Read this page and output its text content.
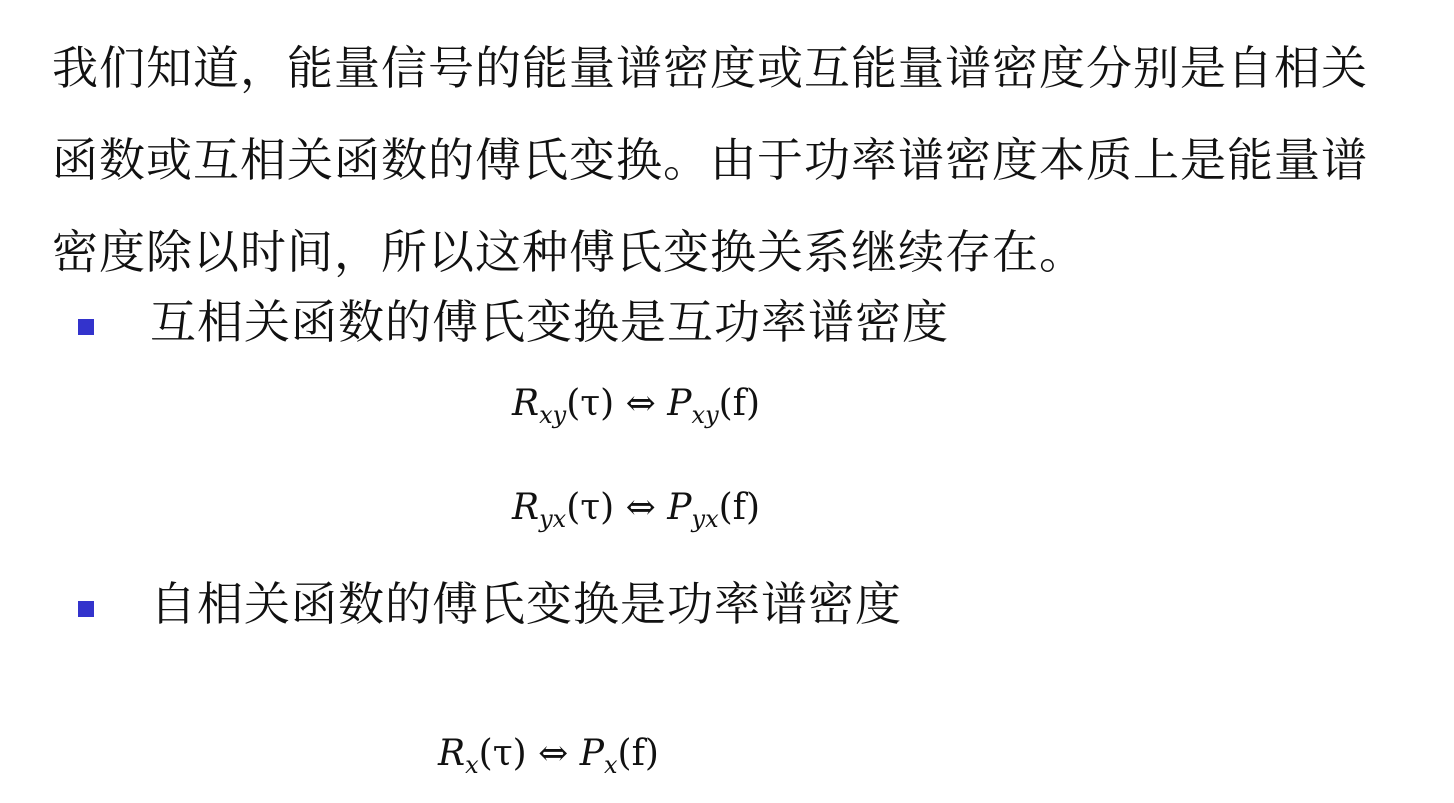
我们知道，能量信号的能量谱密度或互能量谱密度分别是自相关
函数或互相关函数的傅氏变换。由于功率谱密度本质上是能量谱
密度除以时间，所以这种傅氏变换关系继续存在。
互相关函数的傅氏变换是互功率谱密度
$R_{xy}(\tau)$ ⇔ $P_{xy}(f)$
$R_{yx}(\tau)$ ⇔ $P_{yx}(f)$
自相关函数的傅氏变换是功率谱密度
$R_x(\tau)$ ⇔ $P_x(f)$
